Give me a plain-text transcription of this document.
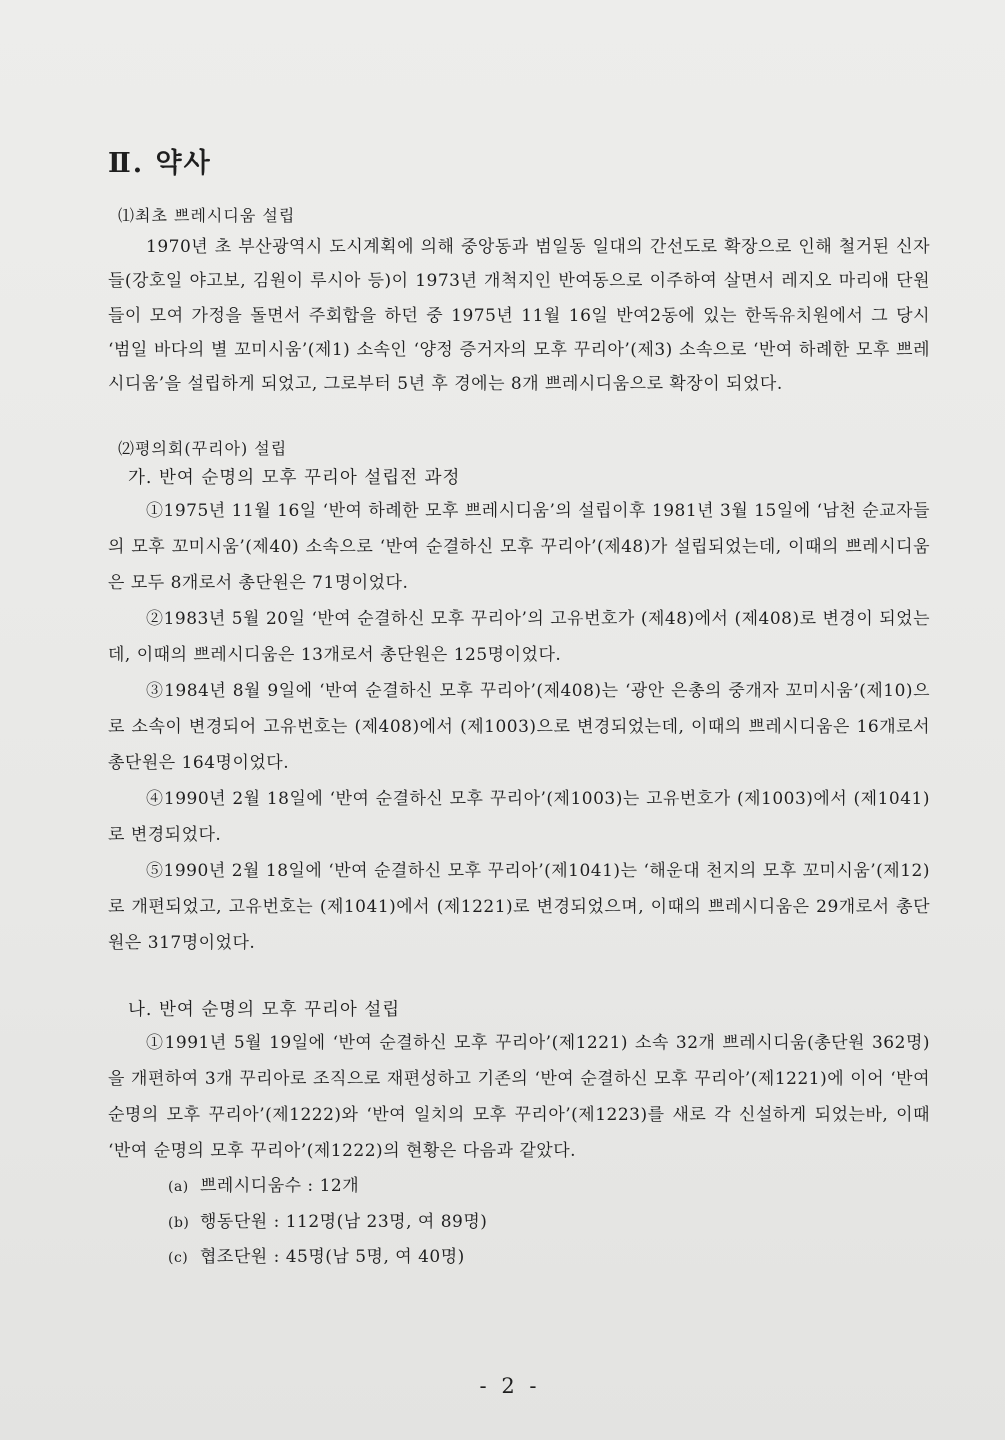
Ⅱ. 약사
⑴최초 쁘레시디움 설립

1970년 초 부산광역시 도시계획에 의해 중앙동과 범일동 일대의 간선도로 확장으로 인해 철거된 신자들(강호일 야고보, 김원이 루시아 등)이 1973년 개척지인 반여동으로 이주하여 살면서 레지오 마리애 단원들이 모여 가정을 돌면서 주회합을 하던 중 1975년 11월 16일 반여2동에 있는 한독유치원에서 그 당시 ‘범일 바다의 별 꼬미시움’(제1) 소속인 ‘양정 증거자의 모후 꾸리아’(제3) 소속으로 ‘반여 하례한 모후 쁘레시디움’을 설립하게 되었고, 그로부터 5년 후 경에는 8개 쁘레시디움으로 확장이 되었다.

⑵평의회(꾸리아) 설립
가. 반여 순명의 모후 꾸리아 설립전 과정

①1975년 11월 16일 ‘반여 하례한 모후 쁘레시디움’의 설립이후 1981년 3월 15일에 ‘남천 순교자들의 모후 꼬미시움’(제40) 소속으로 ‘반여 순결하신 모후 꾸리아’(제48)가 설립되었는데, 이때의 쁘레시디움은 모두 8개로서 총단원은 71명이었다.

②1983년 5월 20일 ‘반여 순결하신 모후 꾸리아’의 고유번호가 (제48)에서 (제408)로 변경이 되었는데, 이때의 쁘레시디움은 13개로서 총단원은 125명이었다.

③1984년 8월 9일에 ‘반여 순결하신 모후 꾸리아’(제408)는 ‘광안 은총의 중개자 꼬미시움’(제10)으로 소속이 변경되어 고유번호는 (제408)에서 (제1003)으로 변경되었는데, 이때의 쁘레시디움은 16개로서 총단원은 164명이었다.

④1990년 2월 18일에 ‘반여 순결하신 모후 꾸리아’(제1003)는 고유번호가 (제1003)에서 (제1041)로 변경되었다.

⑤1990년 2월 18일에 ‘반여 순결하신 모후 꾸리아’(제1041)는 ‘해운대 천지의 모후 꼬미시움’(제12)로 개편되었고, 고유번호는 (제1041)에서 (제1221)로 변경되었으며, 이때의 쁘레시디움은 29개로서 총단원은 317명이었다.

나. 반여 순명의 모후 꾸리아 설립

①1991년 5월 19일에 ‘반여 순결하신 모후 꾸리아’(제1221) 소속 32개 쁘레시디움(총단원 362명)을 개편하여 3개 꾸리아로 조직으로 재편성하고 기존의 ‘반여 순결하신 모후 꾸리아’(제1221)에 이어 ‘반여 순명의 모후 꾸리아’(제1222)와 ‘반여 일치의 모후 꾸리아’(제1223)를 새로 각 신설하게 되었는바, 이때 ‘반여 순명의 모후 꾸리아’(제1222)의 현황은 다음과 같았다.

(a) 쁘레시디움수 : 12개
(b) 행동단원 : 112명(남 23명, 여 89명)
(c) 협조단원 : 45명(남 5명, 여 40명)
- 2 -
